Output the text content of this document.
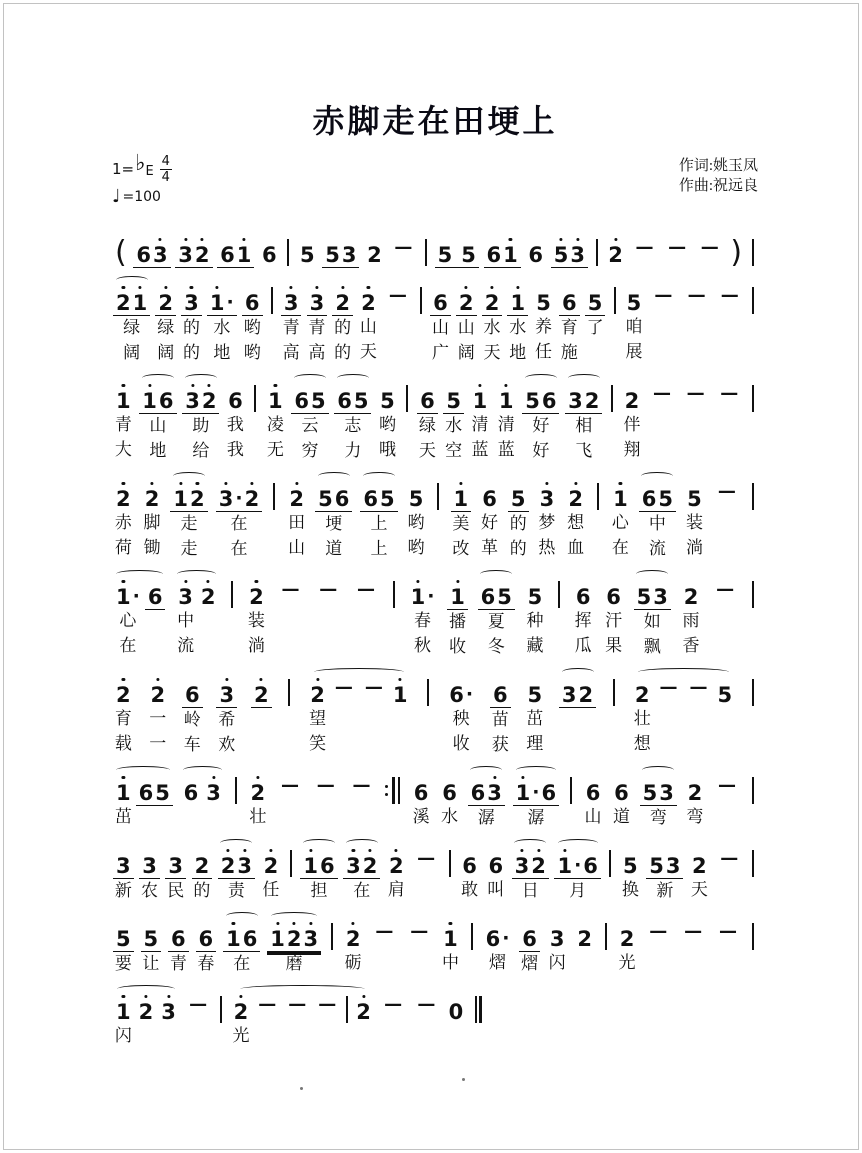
赤脚走在田埂上
1= ♭ E
4
4
♩ =100
作词:姚玉凤
作曲:祝远良
( 6 3 3 2 6 1 6 5 5 3 2 — 5 5 6 1 6 5 3 2 — — — )
2 1
绿
阔
2
绿
阔
3
的
的
1 ·
水
地
6
哟
哟

3
青
高
3
青
高
2
的
的
2
山
天
—

6
山
广
2
山
阔
2
水
天
1
水
地
5
养
任
6
育
施
5
了

5
咱
展
—

—

—

1
青
大
1 6
山
地
3 2
助
给
6
我
我

1
凌
无
6 5
云
穷
6 5
志
力
5
哟
哦

6
绿
天
5
水
空
1
清
蓝
1
清
蓝
5 6
好
好
3 2
相
飞

2
伴
翔
—

—

—

2
赤
荷
2
脚
锄
1 2
走
走
3 · 2
在
在

2
田
山
5 6
埂
道
6 5
上
上
5
哟
哟

1
美
改
6
好
革
5
的
的
3
梦
热
2
想
血

1
心
在
6 5
中
流
5
装
淌
—

1 ·
心
在
6

3
中
流
2

2
装
淌
—

—

—

1 ·
春
秋
1
播
收
6 5
夏
冬
5
种
藏

6
挥
瓜
6
汗
果
5 3
如
飘
2
雨
香
—

2
育
载
2
一
一
6
岭
车
3
希
欢
2

2
望
笑
—

—

1

6 ·
秧
收
6
苗
获
5
茁
理
3 2

2
壮
想
—

—

5

1
茁
6 5
6
3

2
壮
—
—
—

6
溪
6
水
6 3
潺
1 · 6
潺

6
山
6
道
5 3
弯
2
弯
—

3
新
3
农
3
民
2
的
2 3
责
2
任

1 6
担
3 2
在
2
肩
—

6
敢
6
叫
3 2
日
1 · 6
月

5
换
5 3
新
2
天
—

5
要
5
让
6
青
6
春
1 6
在
1 2 3
磨

2
砺
—
—
1
中

6 ·
熠
6
熠
3
闪
2

2
光
—
—
—

1
闪
2
3
—

2
光
—
—
—

2
—
—
0
